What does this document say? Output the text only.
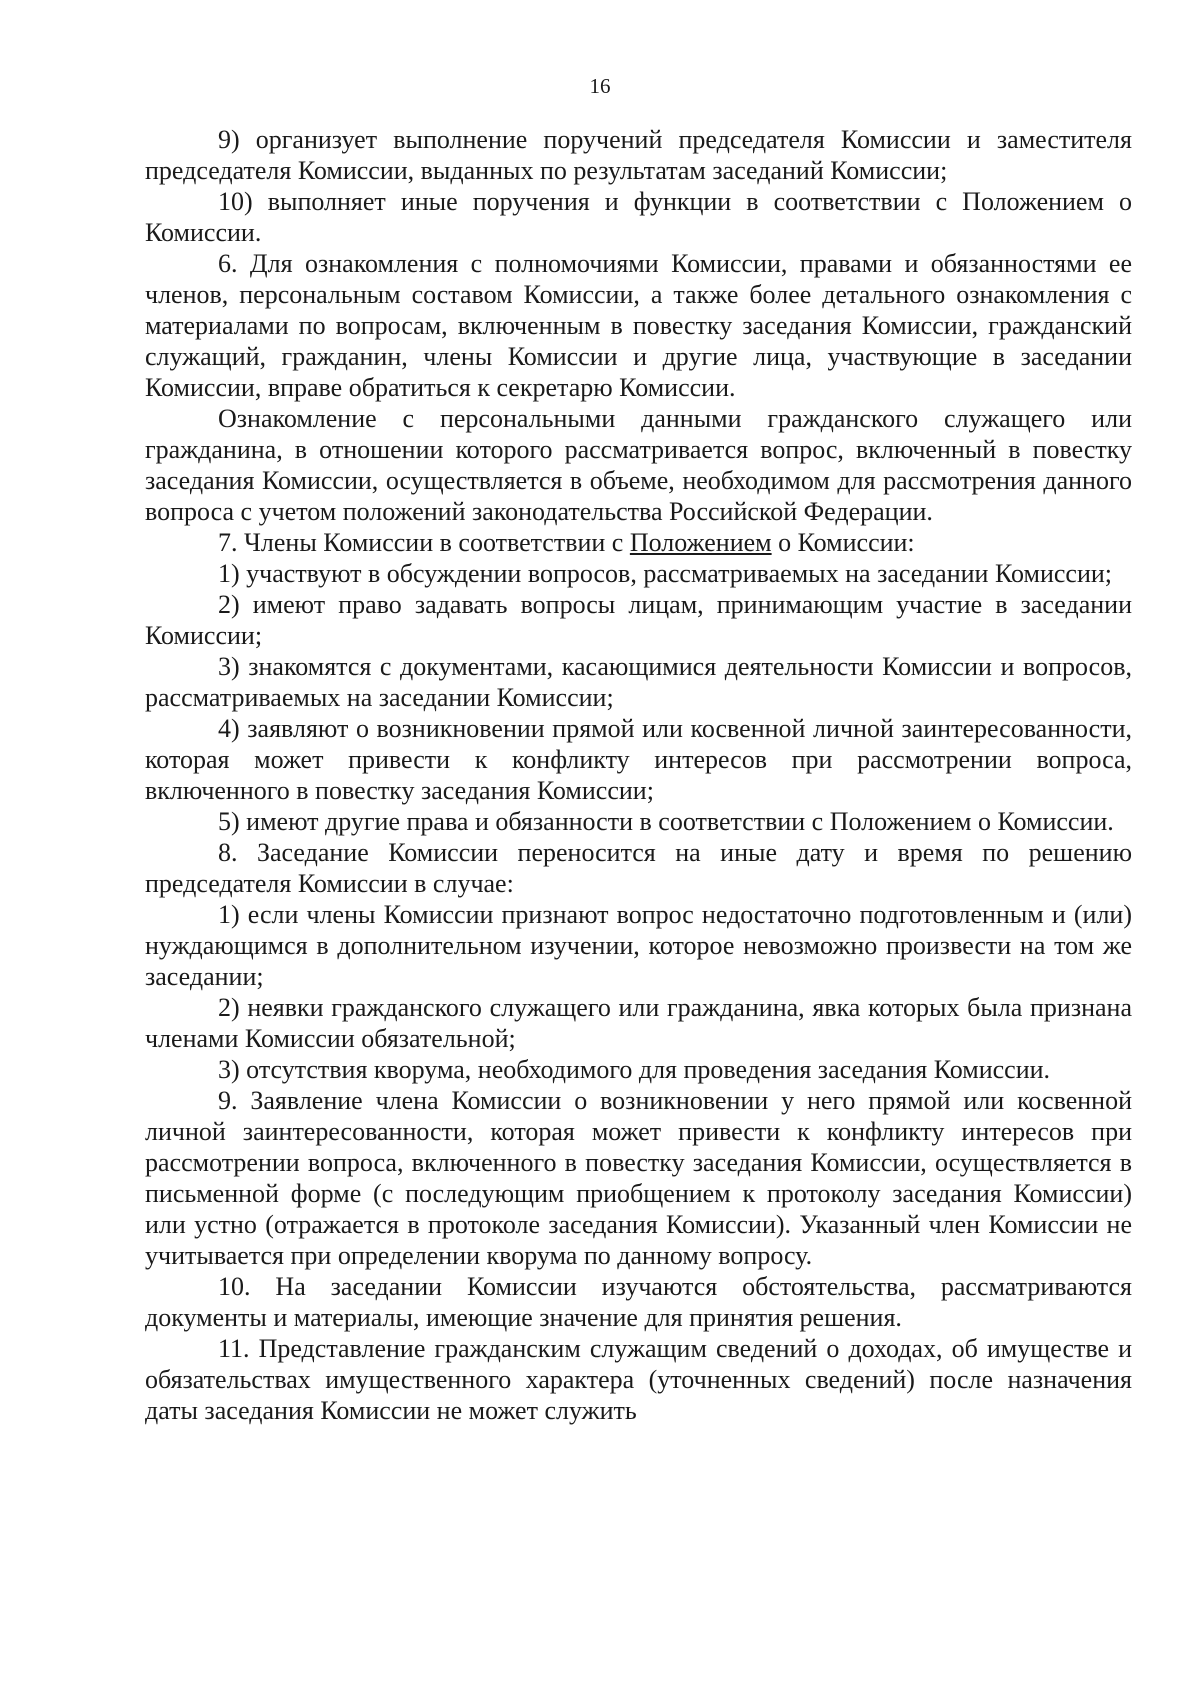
16

9) организует выполнение поручений председателя Комиссии и заместителя председателя Комиссии, выданных по результатам заседаний Комиссии;

10) выполняет иные поручения и функции в соответствии с Положением о Комиссии.

6. Для ознакомления с полномочиями Комиссии, правами и обязанностями ее членов, персональным составом Комиссии, а также более детального ознакомления с материалами по вопросам, включенным в повестку заседания Комиссии, гражданский служащий, гражданин, члены Комиссии и другие лица, участвующие в заседании Комиссии, вправе обратиться к секретарю Комиссии.

Ознакомление с персональными данными гражданского служащего или гражданина, в отношении которого рассматривается вопрос, включенный в повестку заседания Комиссии, осуществляется в объеме, необходимом для рассмотрения данного вопроса с учетом положений законодательства Российской Федерации.

7. Члены Комиссии в соответствии с Положением о Комиссии:

1) участвуют в обсуждении вопросов, рассматриваемых на заседании Комиссии;

2) имеют право задавать вопросы лицам, принимающим участие в заседании Комиссии;

3) знакомятся с документами, касающимися деятельности Комиссии и вопросов, рассматриваемых на заседании Комиссии;

4) заявляют о возникновении прямой или косвенной личной заинтересованности, которая может привести к конфликту интересов при рассмотрении вопроса, включенного в повестку заседания Комиссии;

5) имеют другие права и обязанности в соответствии с Положением о Комиссии.

8. Заседание Комиссии переносится на иные дату и время по решению председателя Комиссии в случае:

1) если члены Комиссии признают вопрос недостаточно подготовленным и (или) нуждающимся в дополнительном изучении, которое невозможно произвести на том же заседании;

2) неявки гражданского служащего или гражданина, явка которых была признана членами Комиссии обязательной;

3) отсутствия кворума, необходимого для проведения заседания Комиссии.

9. Заявление члена Комиссии о возникновении у него прямой или косвенной личной заинтересованности, которая может привести к конфликту интересов при рассмотрении вопроса, включенного в повестку заседания Комиссии, осуществляется в письменной форме (с последующим приобщением к протоколу заседания Комиссии) или устно (отражается в протоколе заседания Комиссии). Указанный член Комиссии не учитывается при определении кворума по данному вопросу.

10. На заседании Комиссии изучаются обстоятельства, рассматриваются документы и материалы, имеющие значение для принятия решения.

11. Представление гражданским служащим сведений о доходах, об имуществе и обязательствах имущественного характера (уточненных сведений) после назначения даты заседания Комиссии не может служить
